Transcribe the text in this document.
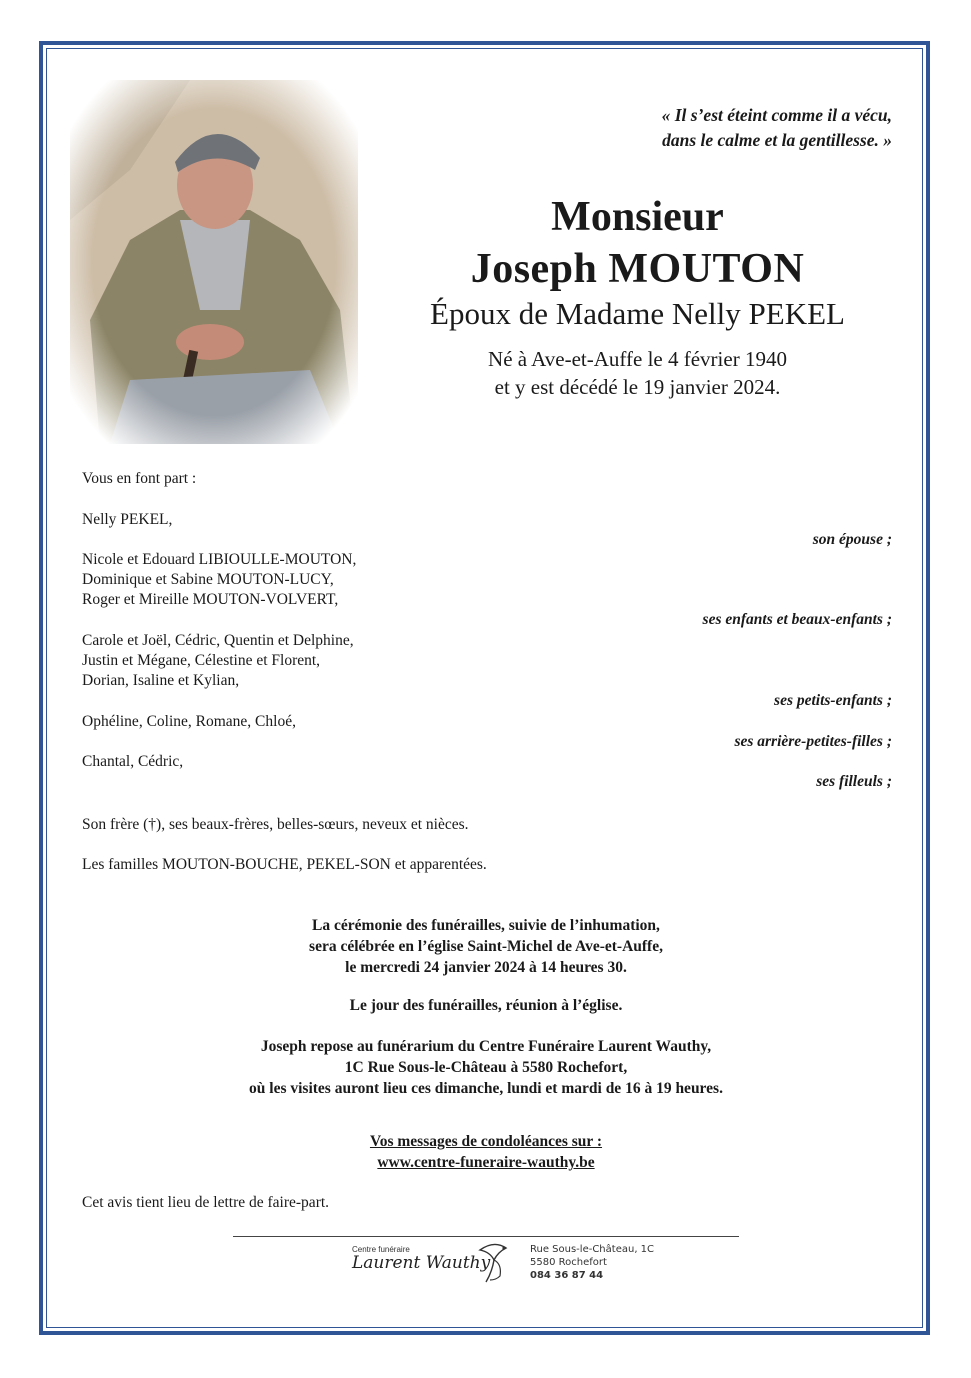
« Il s’est éteint comme il a vécu,
dans le calme et la gentillesse. »
Monsieur
Joseph MOUTON
Époux de Madame Nelly PEKEL
Né à Ave-et-Auffe le 4 février 1940
et y est décédé le 19 janvier 2024.
Vous en font part :
Nelly PEKEL,
son épouse ;
Nicole et Edouard LIBIOULLE-MOUTON,
Dominique et Sabine MOUTON-LUCY,
Roger et Mireille MOUTON-VOLVERT,
ses enfants et beaux-enfants ;
Carole et Joël, Cédric, Quentin et Delphine,
Justin et Mégane, Célestine et Florent,
Dorian, Isaline et Kylian,
ses petits-enfants ;
Ophéline, Coline, Romane, Chloé,
ses arrière-petites-filles ;
Chantal, Cédric,
ses filleuls ;
Son frère (†), ses beaux-frères, belles-sœurs, neveux et nièces.
Les familles MOUTON-BOUCHE, PEKEL-SON et apparentées.
La cérémonie des funérailles, suivie de l’inhumation,
sera célébrée en l’église Saint-Michel de Ave-et-Auffe,
le mercredi 24 janvier 2024 à 14 heures 30.
Le jour des funérailles, réunion à l’église.
Joseph repose au funérarium du Centre Funéraire Laurent Wauthy,
1C Rue Sous-le-Château à 5580 Rochefort,
où les visites auront lieu ces dimanche, lundi et mardi de 16 à 19 heures.
Vos messages de condoléances sur :
www.centre-funeraire-wauthy.be
Cet avis tient lieu de lettre de faire-part.
Centre funéraire
Laurent Wauthy
Rue Sous-le-Château, 1C
5580 Rochefort
084 36 87 44
